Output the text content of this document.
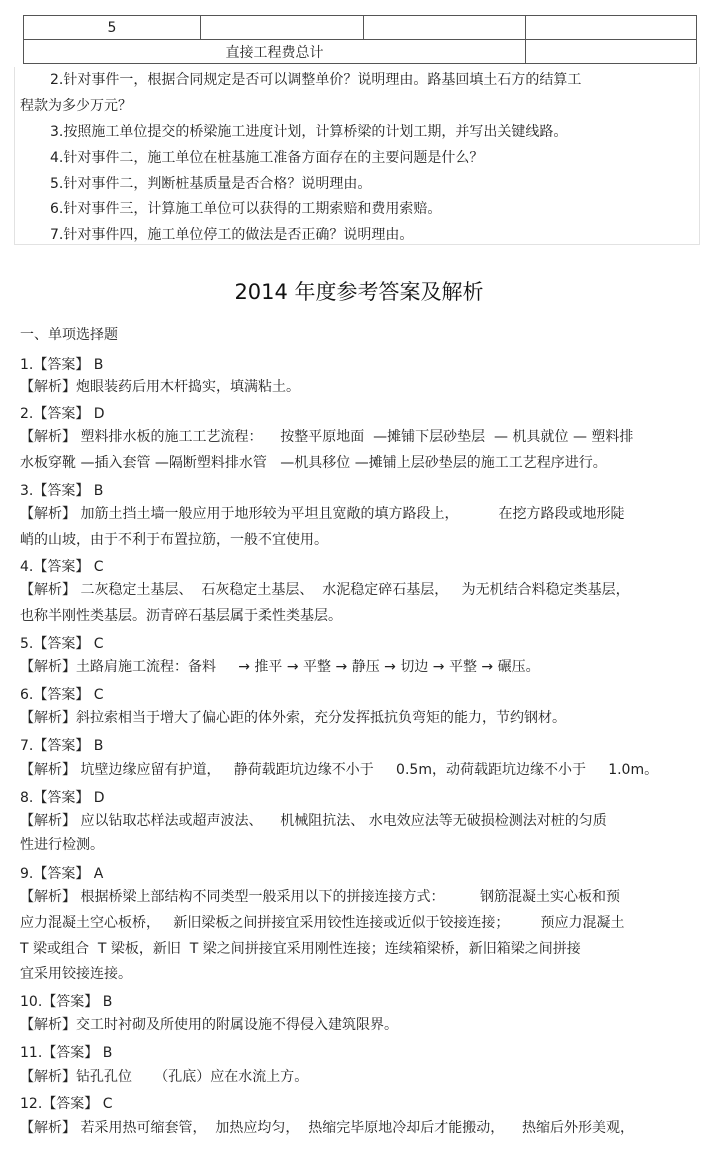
5			
直接工程费总计			
2.针对事件一，根据合同规定是否可以调整单价？说明理由。路基回填土石方的结算工
程款为多少万元？
3.按照施工单位提交的桥梁施工进度计划，计算桥梁的计划工期，并写出关键线路。
4.针对事件二，施工单位在桩基施工准备方面存在的主要问题是什么？
5.针对事件二，判断桩基质量是否合格？说明理由。
6.针对事件三，计算施工单位可以获得的工期索赔和费用索赔。
7.针对事件四，施工单位停工的做法是否正确？说明理由。
2014 年度参考答案及解析
一、单项选择题
1.【答案】 B
【解析】炮眼装药后用木杆捣实，填满粘土。
2.【答案】 D
【解析】 塑料排水板的施工工艺流程：    按整平原地面  —摊铺下层砂垫层  — 机具就位 — 塑料排
水板穿靴 —插入套管 —隔断塑料排水管   —机具移位 —摊铺上层砂垫层的施工工艺程序进行。
3.【答案】 B
【解析】 加筋土挡土墙一般应用于地形较为平坦且宽敞的填方路段上，         在挖方路段或地形陡
峭的山坡，由于不利于布置拉筋，一般不宜使用。
4.【答案】 C
【解析】 二灰稳定土基层、  石灰稳定土基层、  水泥稳定碎石基层，   为无机结合料稳定类基层，
也称半刚性类基层。沥青碎石基层属于柔性类基层。
5.【答案】 C
【解析】土路肩施工流程：备料     → 推平 → 平整 → 静压 → 切边 → 平整 → 碾压。
6.【答案】 C
【解析】斜拉索相当于增大了偏心距的体外索，充分发挥抵抗负弯矩的能力，节约钢材。
7.【答案】 B
【解析】 坑壁边缘应留有护道，   静荷载距坑边缘不小于     0.5m，动荷载距坑边缘不小于     1.0m。
8.【答案】 D
【解析】 应以钻取芯样法或超声波法、    机械阻抗法、 水电效应法等无破损检测法对桩的匀质
性进行检测。
9.【答案】 A
【解析】 根据桥梁上部结构不同类型一般采用以下的拼接连接方式：        钢筋混凝土实心板和预
应力混凝土空心板桥，   新旧梁板之间拼接宜采用铰性连接或近似于铰接连接；       预应力混凝土
T 梁或组合  T 梁板，新旧  T 梁之间拼接宜采用刚性连接；连续箱梁桥，新旧箱梁之间拼接
宜采用铰接连接。
10.【答案】 B
【解析】交工时衬砌及所使用的附属设施不得侵入建筑限界。
11.【答案】 B
【解析】钻孔孔位     （孔底）应在水流上方。
12.【答案】 C
【解析】 若采用热可缩套管，  加热应均匀，  热缩完毕原地冷却后才能搬动，    热缩后外形美观，
